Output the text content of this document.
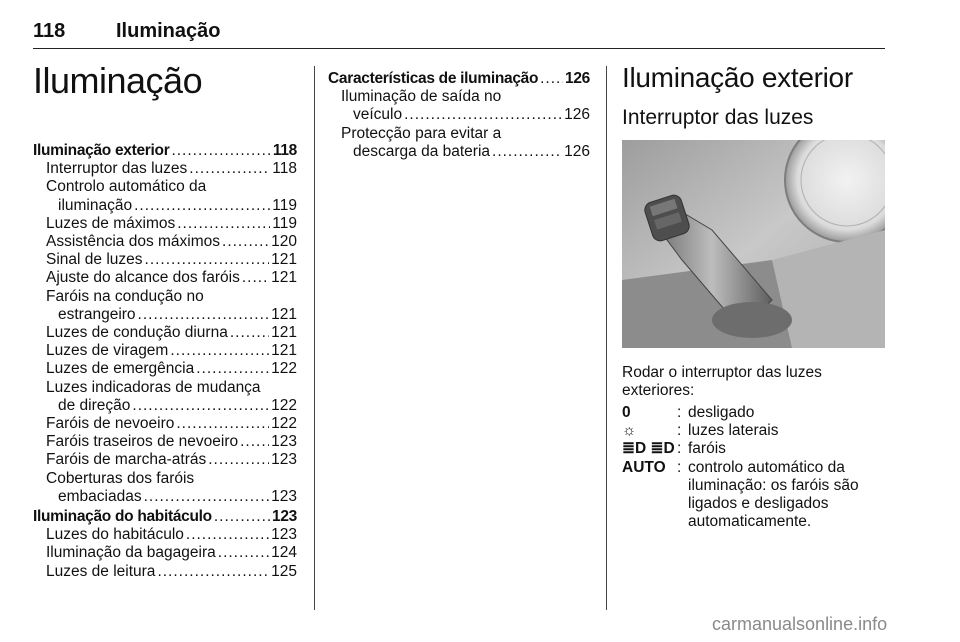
118	Iluminação
Iluminação
Iluminação exterior .....	118
Interruptor das luzes .....	118
Controlo automático da
iluminação .....	119
Luzes de máximos .....	119
Assistência dos máximos .....	120
Sinal de luzes .....	121
Ajuste do alcance dos faróis ..... 121
Faróis na condução no
estrangeiro .....	121
Luzes de condução diurna .....	121
Luzes de viragem .....	121
Luzes de emergência .....	122
Luzes indicadoras de mudança
de direção .....	122
Faróis de nevoeiro .....	122
Faróis traseiros de nevoeiro ..... 123
Faróis de marcha-atrás .....	123
Coberturas dos faróis
embaciadas .....	123
Iluminação do habitáculo .....	123
Luzes do habitáculo .....	123
Iluminação da bagageira .....	124
Luzes de leitura .....	125
Características de iluminação ..... 126
Iluminação de saída no
veículo .....	126
Protecção para evitar a
descarga da bateria .....	126
Iluminação exterior
Interruptor das luzes
Rodar o interruptor das luzes exteriores:
0	: desligado
☼	: luzes laterais
≣D ≣D : faróis
AUTO : controlo automático da iluminação: os faróis são ligados e desligados automaticamente.
carmanualsonline.info
